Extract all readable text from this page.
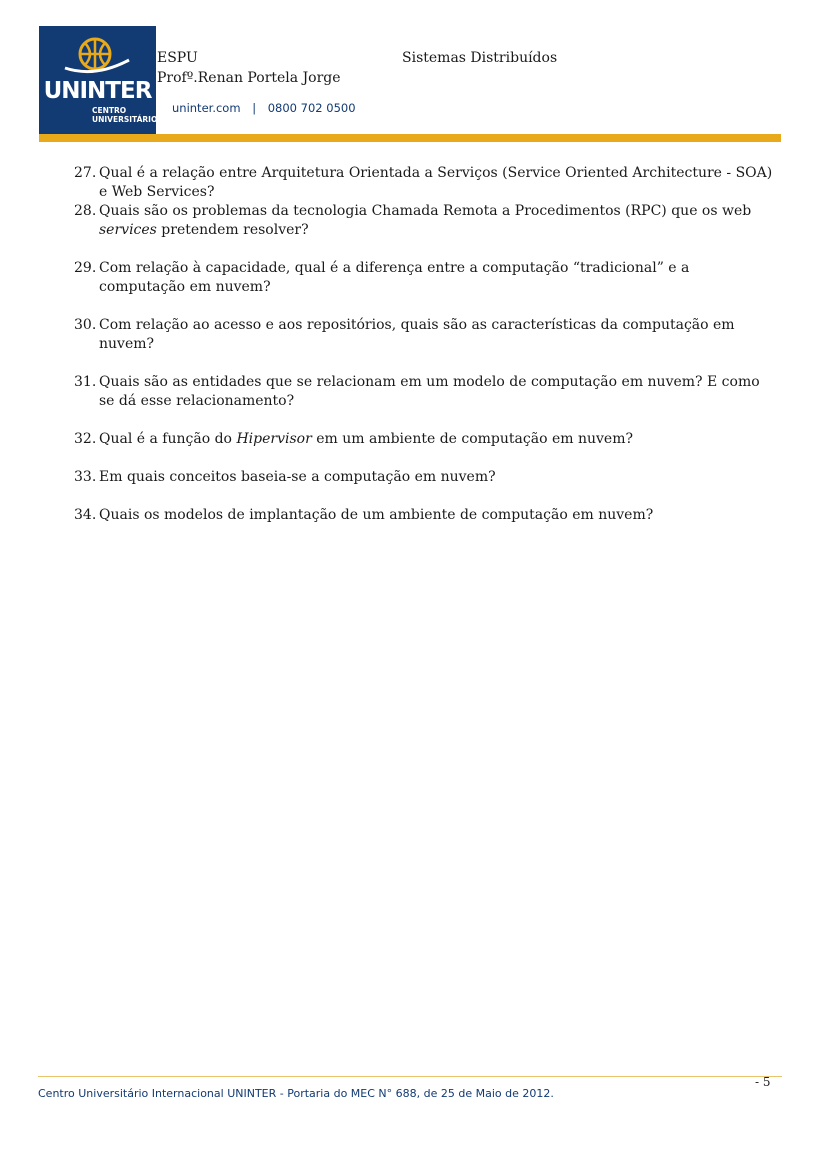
UNINTER
CENTRO
UNIVERSITÁRIO
ESPU
Profº.Renan Portela Jorge
Sistemas Distribuídos
uninter.com | 0800 702 0500
27. Qual é a relação entre Arquitetura Orientada a Serviços (Service Oriented Architecture - SOA) e Web Services?
28. Quais são os problemas da tecnologia Chamada Remota a Procedimentos (RPC) que os web services pretendem resolver?
29. Com relação à capacidade, qual é a diferença entre a computação “tradicional” e a computação em nuvem?
30. Com relação ao acesso e aos repositórios, quais são as características da computação em nuvem?
31. Quais são as entidades que se relacionam em um modelo de computação em nuvem? E como se dá esse relacionamento?
32. Qual é a função do Hipervisor em um ambiente de computação em nuvem?
33. Em quais conceitos baseia-se a computação em nuvem?
34. Quais os modelos de implantação de um ambiente de computação em nuvem?
- 5
Centro Universitário Internacional UNINTER - Portaria do MEC N° 688, de 25 de Maio de 2012.
